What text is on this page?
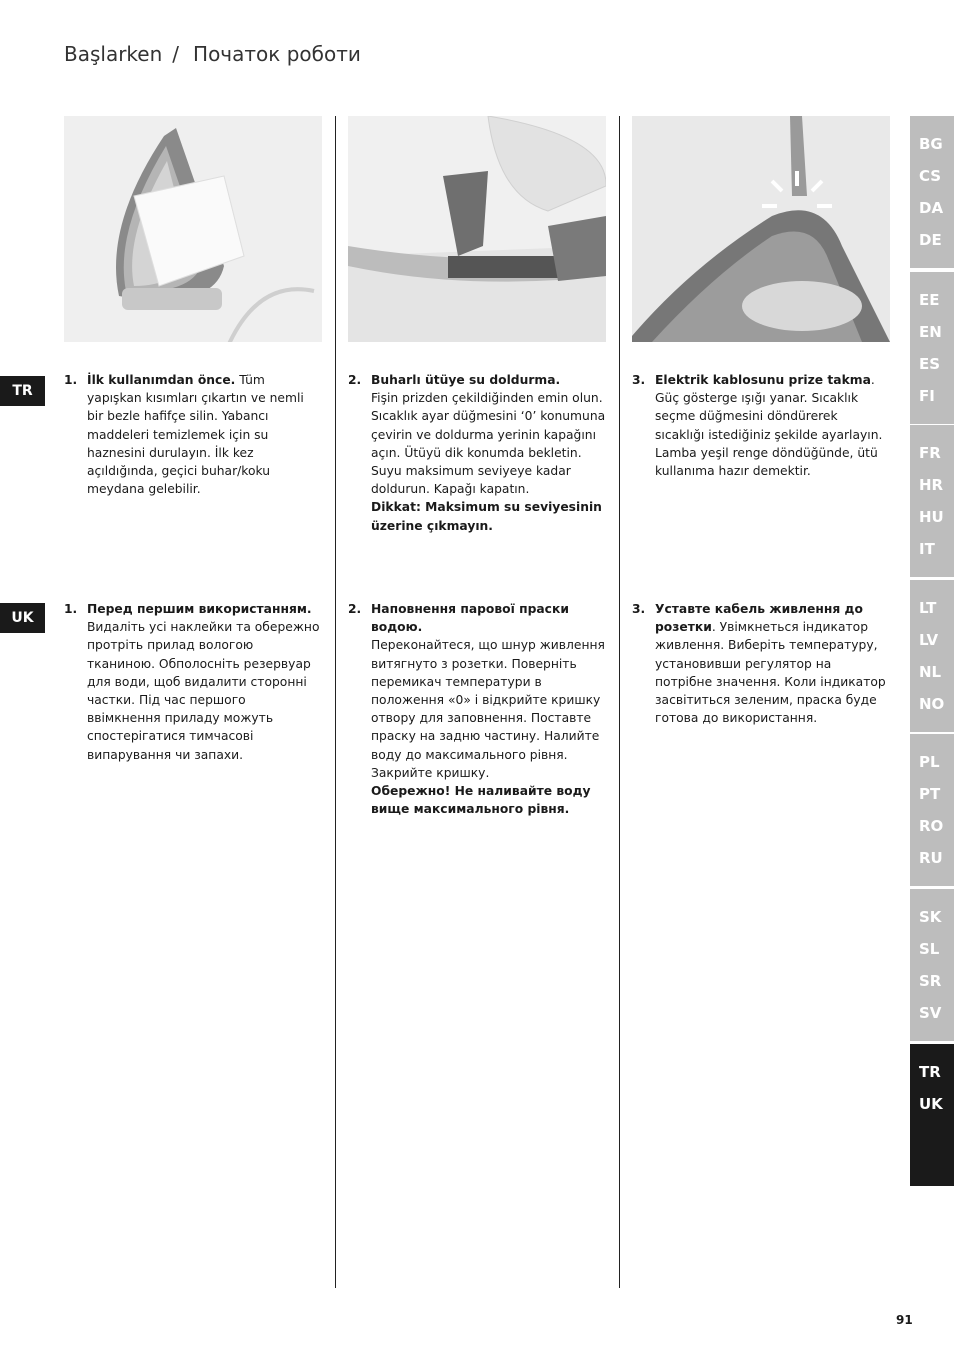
Başlarken / Початок роботи
TR
UK
1. İlk kullanımdan önce. Tüm yapışkan kısımları çıkartın ve nemli bir bezle hafifçe silin. Yabancı maddeleri temizlemek için su haznesini durulayın. İlk kez açıldığında, geçici buhar/koku meydana gelebilir.
2. Buharlı ütüye su doldurma.
Fişin prizden çekildiğinden emin olun. Sıcaklık ayar düğmesini ‘0’ konumuna çevirin ve doldurma yerinin kapağını açın. Ütüyü dik konumda bekletin. Suyu maksimum seviyeye kadar doldurun. Kapağı kapatın.
Dikkat: Maksimum su seviyesinin üzerine çıkmayın.
3. Elektrik kablosunu prize takma. Güç gösterge ışığı yanar. Sıcaklık seçme düğmesini döndürerek sıcaklığı istediğiniz şekilde ayarlayın. Lamba yeşil renge döndüğünde, ütü kullanıma hazır demektir.
1. Перед першим використанням.
Видаліть усі наклейки та обережно протріть прилад вологою тканиною. Обполосніть резервуар для води, щоб видалити сторонні частки. Під час першого ввімкнення приладу можуть спостерігатися тимчасові випарування чи запахи.
2. Наповнення парової праски водою.
Переконайтеся, що шнур живлення витягнуто з розетки. Поверніть перемикач температури в положення «0» і відкрийте кришку отвору для заповнення. Поставте праску на задню частину. Налийте воду до максимального рівня. Закрийте кришку.
Обережно! Не наливайте воду вище максимального рівня.
3. Уставте кабель живлення до розетки. Увімкнеться індикатор живлення. Виберіть температуру, установивши регулятор на потрібне значення. Коли індикатор засвітиться зеленим, праска буде готова до використання.
BG
CS
DA
DE
EE
EN
ES
FI
FR
HR
HU
IT
LT
LV
NL
NO
PL
PT
RO
RU
SK
SL
SR
SV
TR
UK
91
